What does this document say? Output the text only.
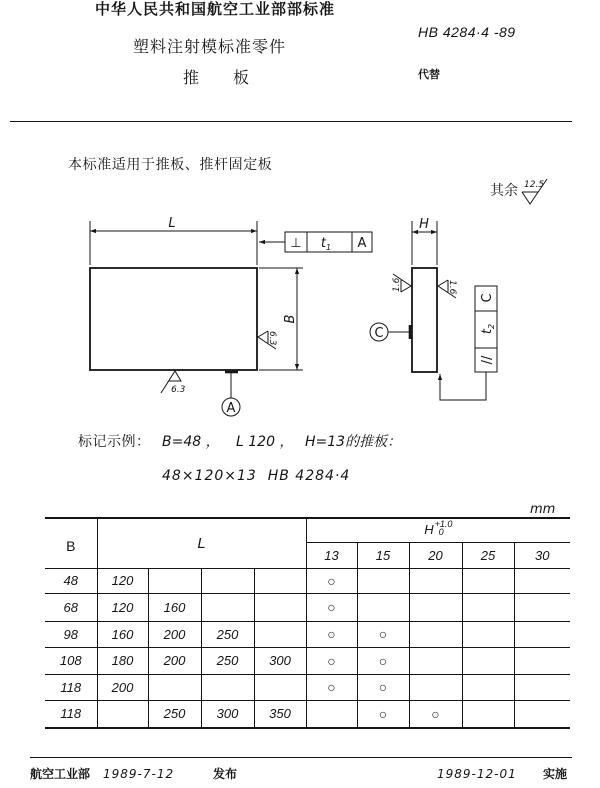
中华人民共和国航空工业部部标准
HB 4284·4 -89
塑料注射模标准零件
推板	代替
本标准适用于推板、推杆固定板
其余 12.5
L
⊥ $t_1$ A
B
6.3
6.3
A
H
1.6	1.6
C
C
$t_2$
//
标记示例： B=48 ， L 120 ， H=13的推板：
48×120×13  HB 4284·4
mm
B	L				H +1.0
0				

					13	15	20	25	30
48	120				○				
68	120	160			○				
98	160	200	250		○	○			
108	180	200	250	300	○	○			
118	200				○	○			
118		250	300	350		○	○		
航空工业部 1989-7-12	发布	1989-12-01 实施
